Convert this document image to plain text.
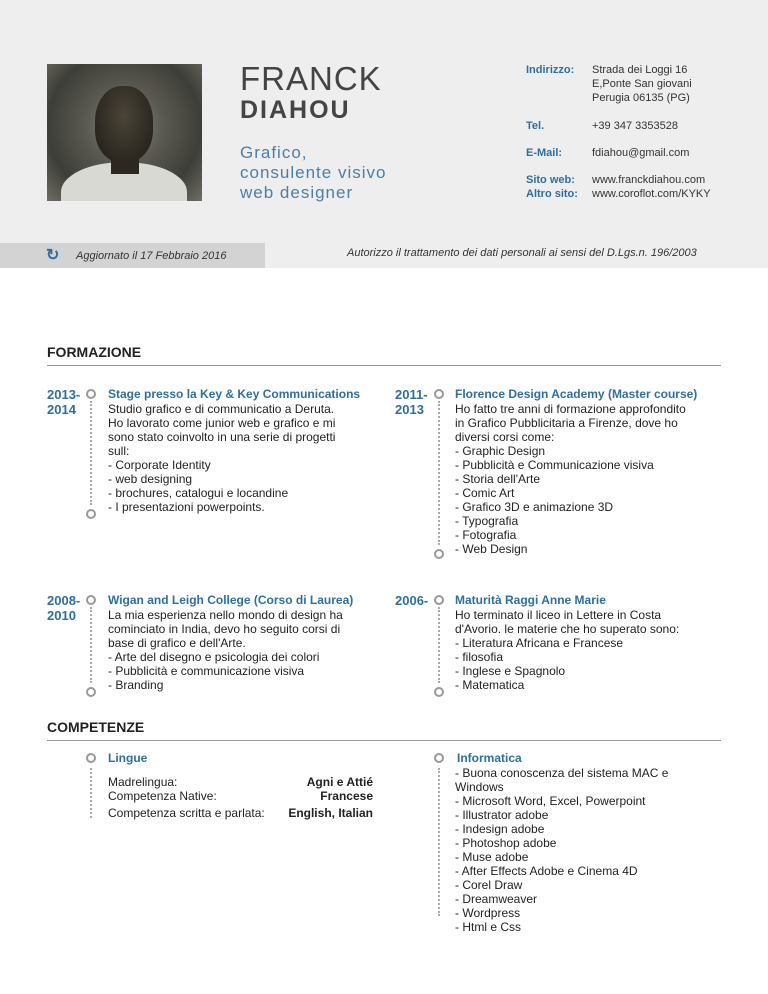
FRANCK
DIAHOU
Grafico,
consulente visivo
web designer
Indirizzo: Strada dei Loggi 16
E,Ponte San giovani
Perugia 06135 (PG)
Tel.	+39 347 3353528
E-Mail:	fdiahou@gmail.com
Sito web: www.franckdiahou.com
Altro sito: www.coroflot.com/KYKY
↻ Aggiornato il 17 Febbraio 2016	Autorizzo il trattamento dei dati personali ai sensi del D.Lgs.n. 196/2003
FORMAZIONE
2013-
2014
Stage presso la Key & Key Communications
Studio grafico e di communicatio a Deruta.
Ho lavorato come junior web e grafico e mi
sono stato coinvolto in una serie di progetti
sull:
- Corporate Identity
- web designing
- brochures, catalogui e locandine
- I presentazioni powerpoints.
2011-
2013
Florence Design Academy (Master course)
Ho fatto tre anni di formazione approfondito
in Grafico Pubblicitaria a Firenze, dove ho
diversi corsi come:
- Graphic Design
- Pubblicità e Communicazione visiva
- Storia dell'Arte
- Comic Art
- Grafico 3D e animazione 3D
- Typografia
- Fotografia
- Web Design
2008-
2010
Wigan and Leigh College (Corso di Laurea)
La mia esperienza nello mondo di design ha
cominciato in India, devo ho seguito corsi di
base di grafico e dell'Arte.
- Arte del disegno e psicologia dei colori
- Pubblicità e communicazione visiva
- Branding
2006- Maturità Raggi Anne Marie
Ho terminato il liceo in Lettere in Costa
d'Avorio. le materie che ho superato sono:
- Literatura Africana e Francese
- filosofia
- Inglese e Spagnolo
- Matematica
COMPETENZE
Lingue
Madrelingua:	Agni e Attié
Competenza Native:	Francese
Competenza scritta e parlata: English, Italian
Informatica
- Buona conoscenza del sistema MAC e
Windows
- Microsoft Word, Excel, Powerpoint
- Illustrator adobe
- Indesign adobe
- Photoshop adobe
- Muse adobe
- After Effects Adobe e Cinema 4D
- Corel Draw
- Dreamweaver
- Wordpress
- Html e Css
